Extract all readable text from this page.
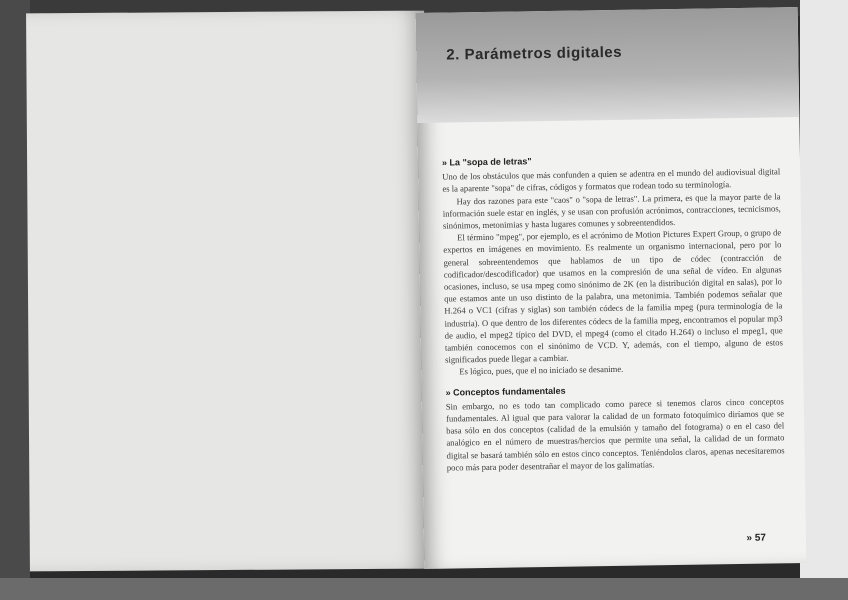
2. Parámetros digitales
» La "sopa de letras"

Uno de los obstáculos que más confunden a quien se adentra en el mundo del audiovisual digital es la aparente "sopa" de cifras, códigos y formatos que rodean todo su terminología.

Hay dos razones para este "caos" o "sopa de letras". La primera, es que la mayor parte de la información suele estar en inglés, y se usan con profusión acrónimos, contracciones, tecnicismos, sinónimos, metonimias y hasta lugares comunes y sobreentendidos.

El término "mpeg", por ejemplo, es el acrónimo de Motion Pictures Expert Group, o grupo de expertos en imágenes en movimiento. Es realmente un organismo internacional, pero por lo general sobreentendemos que hablamos de un tipo de códec (contracción de codificador/descodificador) que usamos en la compresión de una señal de vídeo. En algunas ocasiones, incluso, se usa mpeg como sinónimo de 2K (en la distribución digital en salas), por lo que estamos ante un uso distinto de la palabra, una metonimia. También podemos señalar que H.264 o VC1 (cifras y siglas) son también códecs de la familia mpeg (pura terminología de la industria). O que dentro de los diferentes códecs de la familia mpeg, encontramos el popular mp3 de audio, el mpeg2 típico del DVD, el mpeg4 (como el citado H.264) o incluso el mpeg1, que también conocemos con el sinónimo de VCD. Y, además, con el tiempo, alguno de estos significados puede llegar a cambiar.

Es lógico, pues, que el no iniciado se desanime.

» Conceptos fundamentales

Sin embargo, no es todo tan complicado como parece si tenemos claros cinco conceptos fundamentales. Al igual que para valorar la calidad de un formato fotoquímico diríamos que se basa sólo en dos conceptos (calidad de la emulsión y tamaño del fotograma) o en el caso del analógico en el número de muestras/hercios que permite una señal, la calidad de un formato digital se basará también sólo en estos cinco conceptos. Teniéndolos claros, apenas necesitaremos poco más para poder desentrañar el mayor de los galimatías.

» 57
